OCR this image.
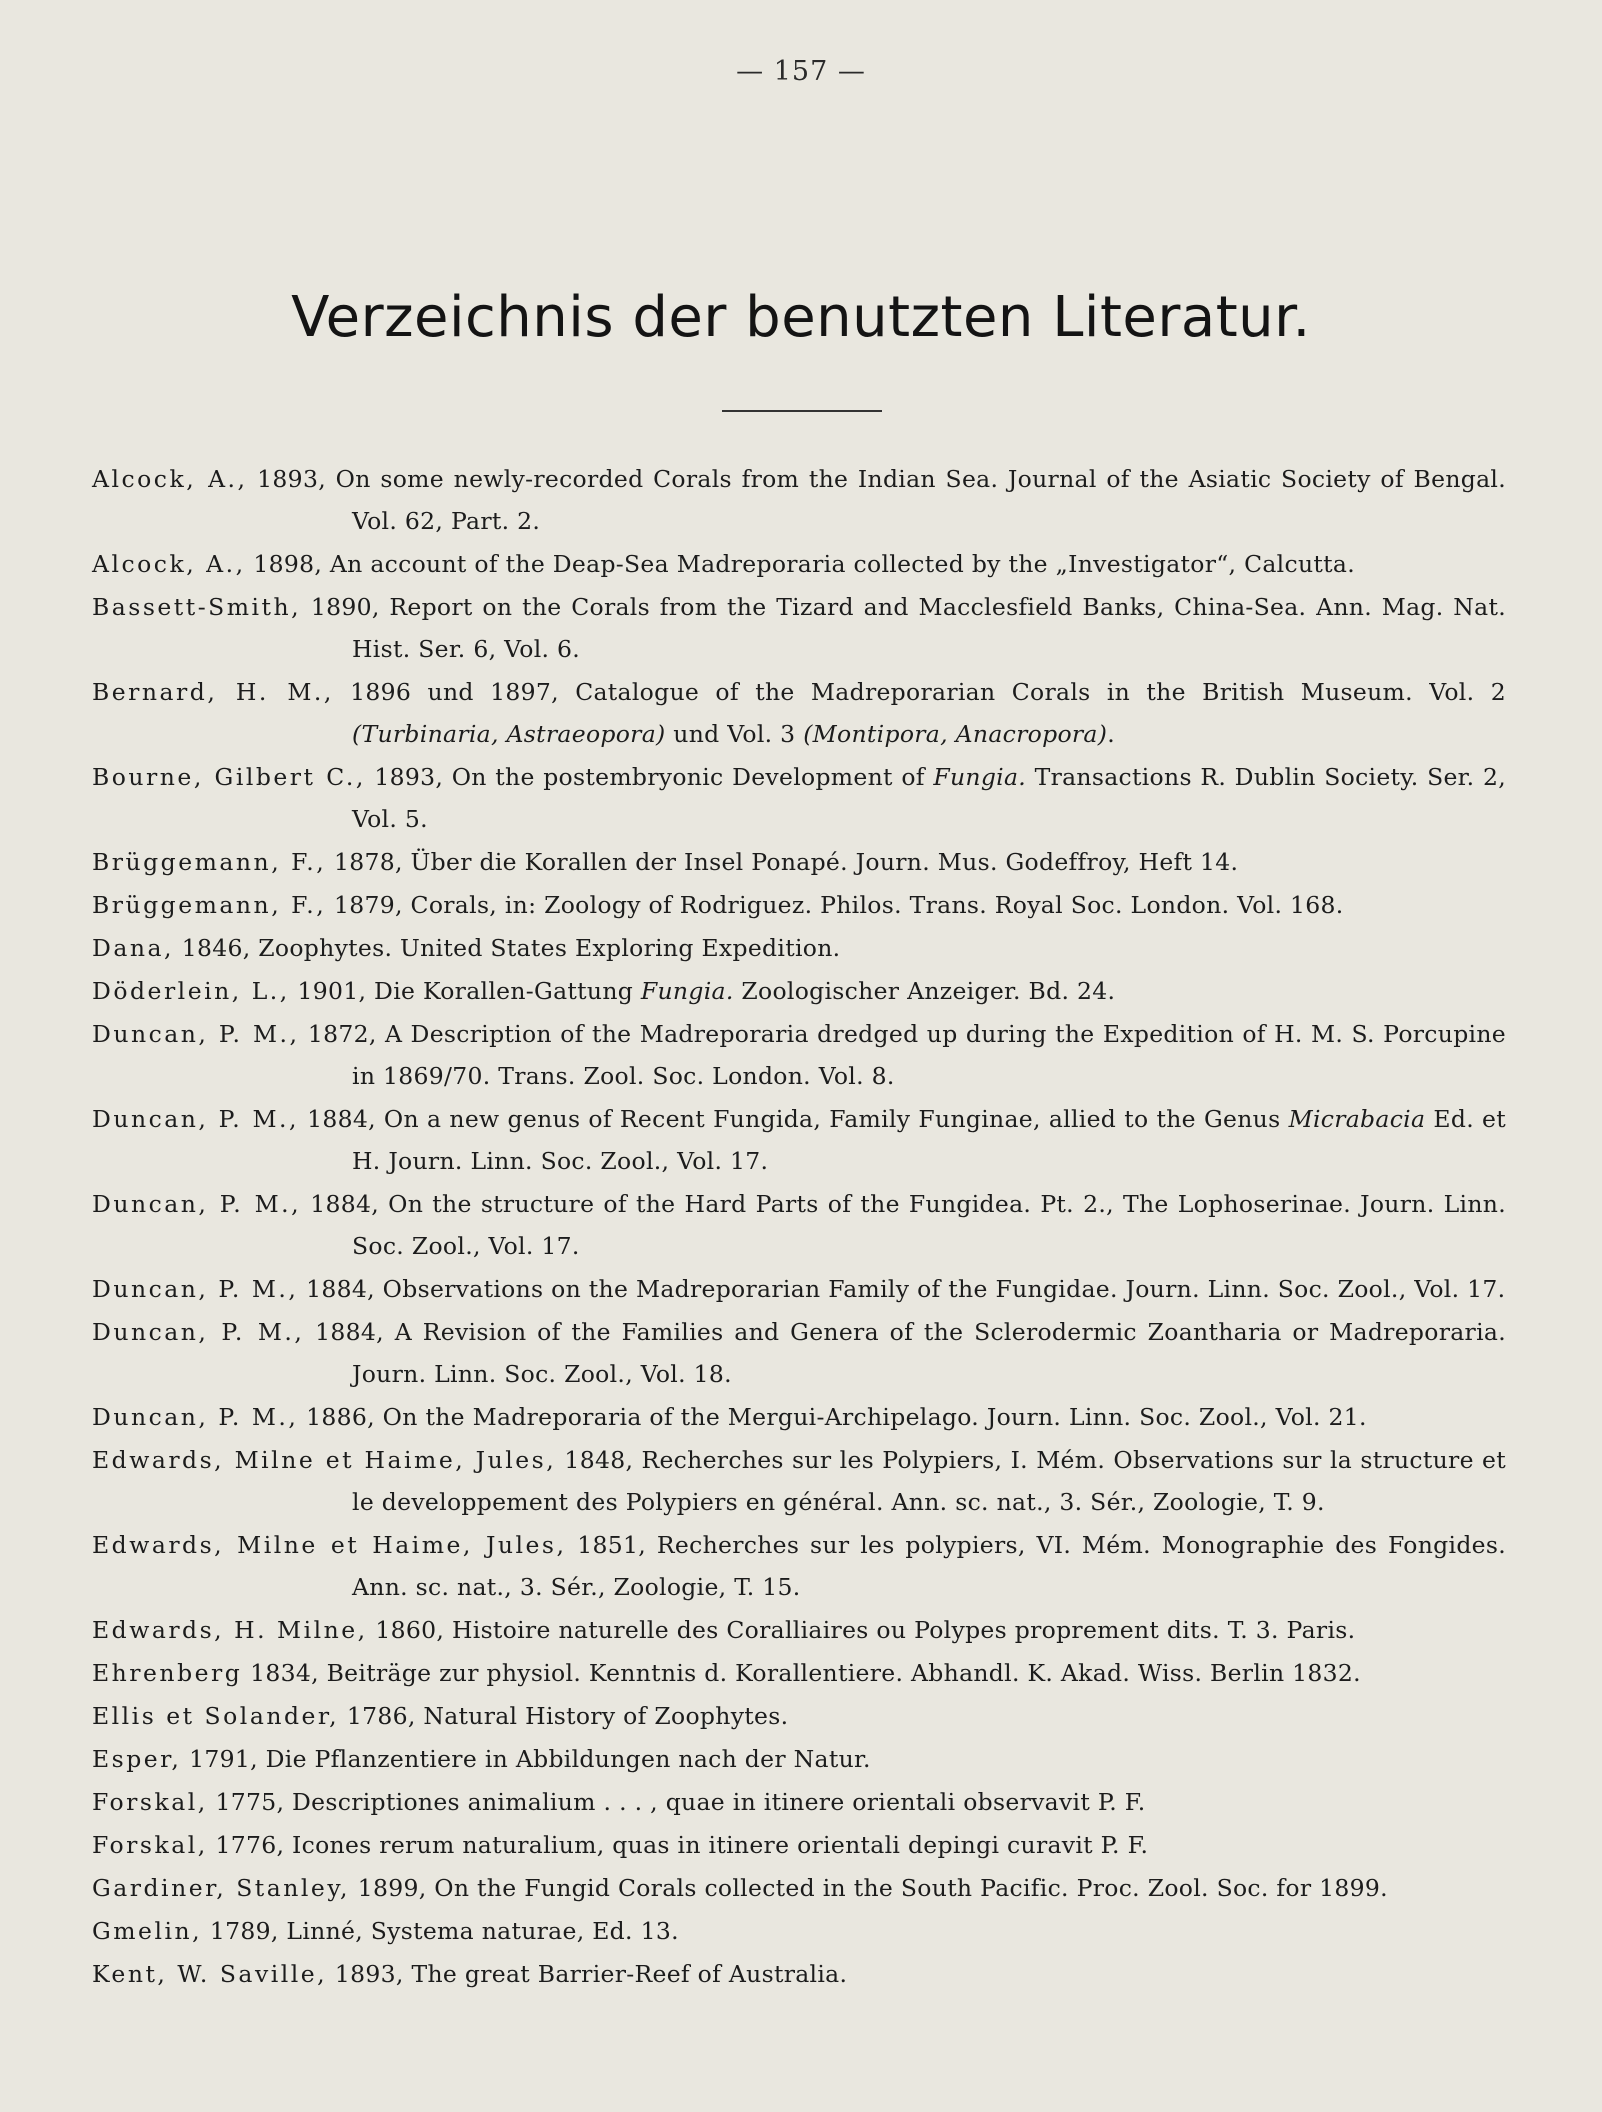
— 157 —
Verzeichnis der benutzten Literatur.
Alcock, A., 1893, On some newly-recorded Corals from the Indian Sea. Journal of the Asiatic Society of Bengal. Vol. 62, Part. 2.
Alcock, A., 1898, An account of the Deap-Sea Madreporaria collected by the „Investigator“, Calcutta.
Bassett-Smith, 1890, Report on the Corals from the Tizard and Macclesfield Banks, China-Sea. Ann. Mag. Nat. Hist. Ser. 6, Vol. 6.
Bernard, H. M., 1896 und 1897, Catalogue of the Madreporarian Corals in the British Museum. Vol. 2 (Turbinaria, Astraeopora) und Vol. 3 (Montipora, Anacropora).
Bourne, Gilbert C., 1893, On the postembryonic Development of Fungia. Transactions R. Dublin Society. Ser. 2, Vol. 5.
Brüggemann, F., 1878, Über die Korallen der Insel Ponapé. Journ. Mus. Godeffroy, Heft 14.
Brüggemann, F., 1879, Corals, in: Zoology of Rodriguez. Philos. Trans. Royal Soc. London. Vol. 168.
Dana, 1846, Zoophytes. United States Exploring Expedition.
Döderlein, L., 1901, Die Korallen-Gattung Fungia. Zoologischer Anzeiger. Bd. 24.
Duncan, P. M., 1872, A Description of the Madreporaria dredged up during the Expedition of H. M. S. Porcupine in 1869/70. Trans. Zool. Soc. London. Vol. 8.
Duncan, P. M., 1884, On a new genus of Recent Fungida, Family Funginae, allied to the Genus Micrabacia Ed. et H. Journ. Linn. Soc. Zool., Vol. 17.
Duncan, P. M., 1884, On the structure of the Hard Parts of the Fungidea. Pt. 2., The Lophoserinae. Journ. Linn. Soc. Zool., Vol. 17.
Duncan, P. M., 1884, Observations on the Madreporarian Family of the Fungidae. Journ. Linn. Soc. Zool., Vol. 17.
Duncan, P. M., 1884, A Revision of the Families and Genera of the Sclerodermic Zoantharia or Madreporaria. Journ. Linn. Soc. Zool., Vol. 18.
Duncan, P. M., 1886, On the Madreporaria of the Mergui-Archipelago. Journ. Linn. Soc. Zool., Vol. 21.
Edwards, Milne et Haime, Jules, 1848, Recherches sur les Polypiers, I. Mém. Observations sur la structure et le developpement des Polypiers en général. Ann. sc. nat., 3. Sér., Zoologie, T. 9.
Edwards, Milne et Haime, Jules, 1851, Recherches sur les polypiers, VI. Mém. Monographie des Fongides. Ann. sc. nat., 3. Sér., Zoologie, T. 15.
Edwards, H. Milne, 1860, Histoire naturelle des Coralliaires ou Polypes proprement dits. T. 3. Paris.
Ehrenberg 1834, Beiträge zur physiol. Kenntnis d. Korallentiere. Abhandl. K. Akad. Wiss. Berlin 1832.
Ellis et Solander, 1786, Natural History of Zoophytes.
Esper, 1791, Die Pflanzentiere in Abbildungen nach der Natur.
Forskal, 1775, Descriptiones animalium . . . , quae in itinere orientali observavit P. F.
Forskal, 1776, Icones rerum naturalium, quas in itinere orientali depingi curavit P. F.
Gardiner, Stanley, 1899, On the Fungid Corals collected in the South Pacific. Proc. Zool. Soc. for 1899.
Gmelin, 1789, Linné, Systema naturae, Ed. 13.
Kent, W. Saville, 1893, The great Barrier-Reef of Australia.
